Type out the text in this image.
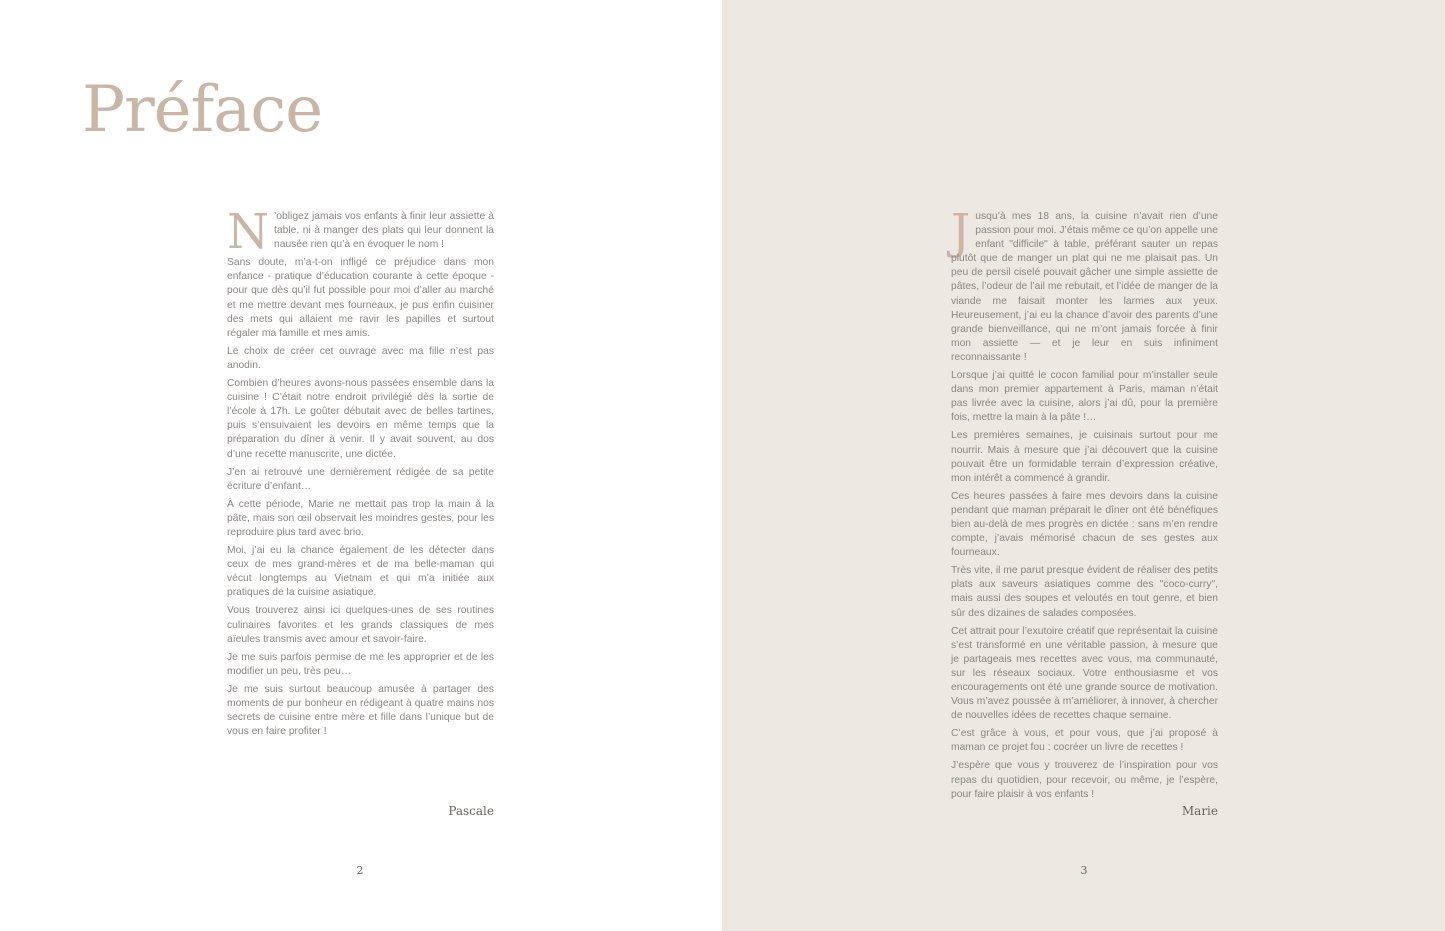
Préface

N ’obligez jamais vos enfants à finir leur assiette à table, ni à manger des plats qui leur donnent la nausée rien qu’à en évoquer le nom !

Sans doute, m’a-t-on infligé ce préjudice dans mon enfance - pratique d’éducation courante à cette époque - pour que dès qu’il fut possible pour moi d’aller au marché et me mettre devant mes fourneaux, je pus enfin cuisiner des mets qui allaient me ravir les papilles et surtout régaler ma famille et mes amis.

Le choix de créer cet ouvrage avec ma fille n’est pas anodin.

Combien d’heures avons-nous passées ensemble dans la cuisine ! C’était notre endroit privilégié dès la sortie de l’école à 17h. Le goûter débutait avec de belles tartines, puis s’ensuivaient les devoirs en même temps que la préparation du dîner à venir. Il y avait souvent, au dos d’une recette manuscrite, une dictée.

J’en ai retrouvé une dernièrement rédigée de sa petite écriture d’enfant…

À cette période, Marie ne mettait pas trop la main à la pâte, mais son œil observait les moindres gestes, pour les reproduire plus tard avec brio.

Moi, j’ai eu la chance également de les détecter dans ceux de mes grand-mères et de ma belle-maman qui vécut longtemps au Vietnam et qui m’a initiée aux pratiques de la cuisine asiatique.

Vous trouverez ainsi ici quelques-unes de ses routines culinaires favorites et les grands classiques de mes aïeules transmis avec amour et savoir-faire.

Je me suis parfois permise de me les approprier et de les modifier un peu, très peu…

Je me suis surtout beaucoup amusée à partager des moments de pur bonheur en rédigeant à quatre mains nos secrets de cuisine entre mère et fille dans l’unique but de vous en faire profiter !

Pascale
2

Jusqu’à mes 18 ans, la cuisine n’avait rien d’une passion pour moi. J’étais même ce qu’on appelle une enfant "difficile" à table, préférant sauter un repas plutôt que de manger un plat qui ne me plaisait pas. Un peu de persil ciselé pouvait gâcher une simple assiette de pâtes, l’odeur de l’ail me rebutait, et l’idée de manger de la viande me faisait monter les larmes aux yeux. Heureusement, j’ai eu la chance d’avoir des parents d’une grande bienveillance, qui ne m’ont jamais forcée à finir mon assiette — et je leur en suis infiniment reconnaissante !

Lorsque j’ai quitté le cocon familial pour m’installer seule dans mon premier appartement à Paris, maman n’était pas livrée avec la cuisine, alors j’ai dû, pour la première fois, mettre la main à la pâte !…

Les premières semaines, je cuisinais surtout pour me nourrir. Mais à mesure que j’ai découvert que la cuisine pouvait être un formidable terrain d’expression créative, mon intérêt a commencé à grandir.

Ces heures passées à faire mes devoirs dans la cuisine pendant que maman préparait le dîner ont été bénéfiques bien au-delà de mes progrès en dictée : sans m’en rendre compte, j’avais mémorisé chacun de ses gestes aux fourneaux.

Très vite, il me parut presque évident de réaliser des petits plats aux saveurs asiatiques comme des "coco-curry", mais aussi des soupes et veloutés en tout genre, et bien sûr des dizaines de salades composées.

Cet attrait pour l’exutoire créatif que représentait la cuisine s’est transformé en une véritable passion, à mesure que je partageais mes recettes avec vous, ma communauté, sur les réseaux sociaux. Votre enthousiasme et vos encouragements ont été une grande source de motivation. Vous m’avez poussée à m’améliorer, à innover, à chercher de nouvelles idées de recettes chaque semaine.

C’est grâce à vous, et pour vous, que j’ai proposé à maman ce projet fou : cocréer un livre de recettes !

J’espère que vous y trouverez de l’inspiration pour vos repas du quotidien, pour recevoir, ou même, je l’espère, pour faire plaisir à vos enfants !

Marie
3
